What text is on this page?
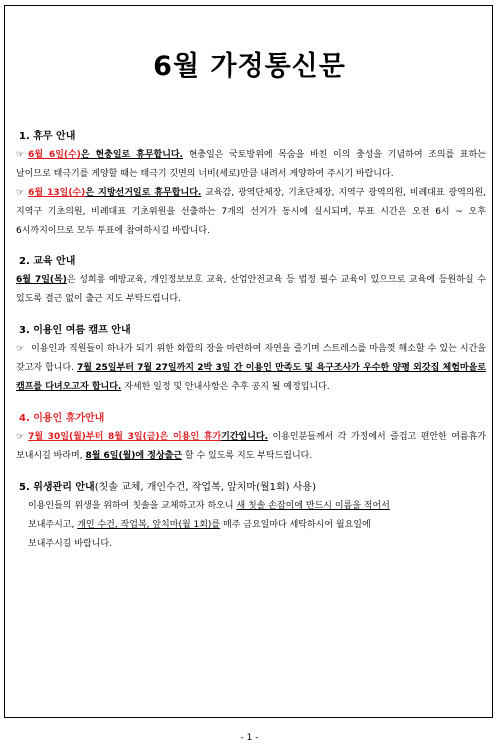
6월 가정통신문
1. 휴무 안내
☞ 6월 6일(수)은 현충일로 휴무합니다. 현충일은 국토방위에 목숨을 바친 이의 충성을 기념하여 조의를 표하는 날이므로 태극기를 게양할 때는 태극기 깃면의 너비(세로)만큼 내려서 게양하여 주시기 바랍니다.
☞ 6월 13일(수)은 지방선거일로 휴무합니다. 교육감, 광역단체장, 기초단체장, 지역구 광역의원, 비례대표 광역의원, 지역구 기초의원, 비례대표 기초위원을 선출하는 7개의 선거가 동시에 실시되며, 투표 시간은 오전 6시 ~ 오후 6시까지이므로 모두 투표에 참여하시길 바랍니다.
2. 교육 안내
6월 7일(목)은 성희롱 예방교육, 개인정보보호 교육, 산업안전교육 등 법정 필수 교육이 있으므로 교육에 등원하실 수 있도록 결근 없이 출근 지도 부탁드립니다.
3. 이용인 여름 캠프 안내
☞ 이용인과 직원들이 하나가 되기 위한 화합의 장을 마련하여 자연을 즐기며 스트레스를 마음껏 해소할 수 있는 시간을 갖고자 합니다. 7월 25일부터 7월 27일까지 2박 3일 간 이용인 만족도 및 욕구조사가 우수한 양평 외갓집 체험마을로 캠프를 다녀오고자 합니다. 자세한 일정 및 안내사항은 추후 공지 될 예정입니다.
4. 이용인 휴가안내
☞ 7월 30일(월)부터 8월 3일(금)은 이용인 휴가기간입니다. 이용인분들께서 각 가정에서 즐겁고 편안한 여름휴가 보내시길 바라며, 8월 6일(월)에 정상출근 할 수 있도록 지도 부탁드립니다.
5. 위생관리 안내(칫솔 교체, 개인수건, 작업복, 앞치마(월1회) 사용)
이용인들의 위생을 위하여 칫솔을 교체하고자 하오니 새 칫솔 손잡이에 반드시 이름을 적어서
보내주시고, 개인 수건, 작업복, 앞치마(월 1회)를 매주 금요일마다 세탁하시어 월요일에
보내주시길 바랍니다.
- 1 -
